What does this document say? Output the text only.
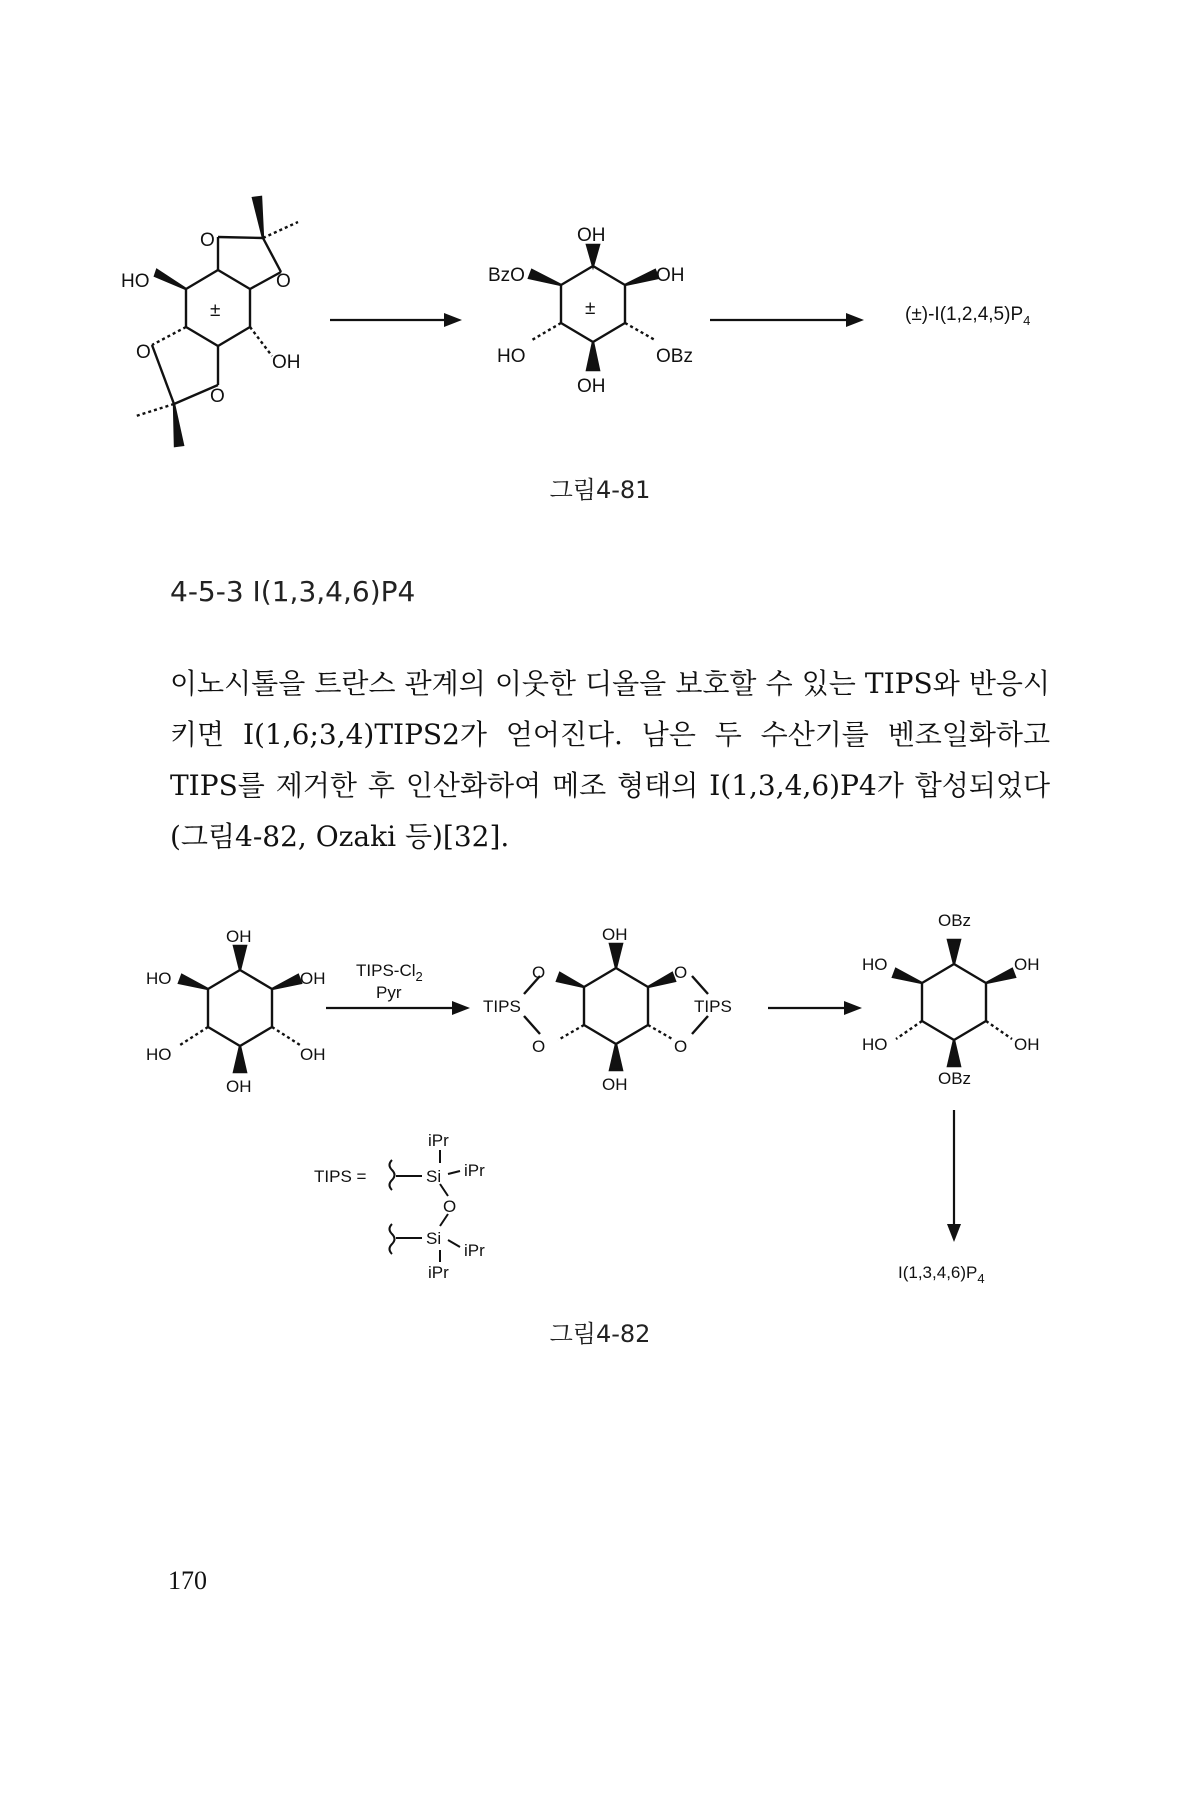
O
O
HO
±
O	OH
O
OH
BzO	OH
±
HO	OBz
OH
$(\pm)-I(1,2,4,5)P_4$
그림4-81
4-5-3 I(1,3,4,6)P4

이노시톨을 트란스 관계의 이웃한 디올을 보호할 수 있는 TIPS와 반응시키면 I(1,6;3,4)TIPS2가 얻어진다. 남은 두 수산기를 벤조일화하고 TIPS를 제거한 후 인산화하여 메조 형태의 I(1,3,4,6)P4가 합성되었다(그림4-82, Ozaki 등)[32].

OH
HO	OH
HO	OH
OH
TIPS-$Cl_2$
Pyr
OH
O	O
TIPS	TIPS
O	O
OH
OBz
HO	OH
HO	OH
OBz
$I(1,3,4,6)P_4$
TIPS =
iPr
Si iPr
O
Si
iPr
iPr
그림4-82
170
